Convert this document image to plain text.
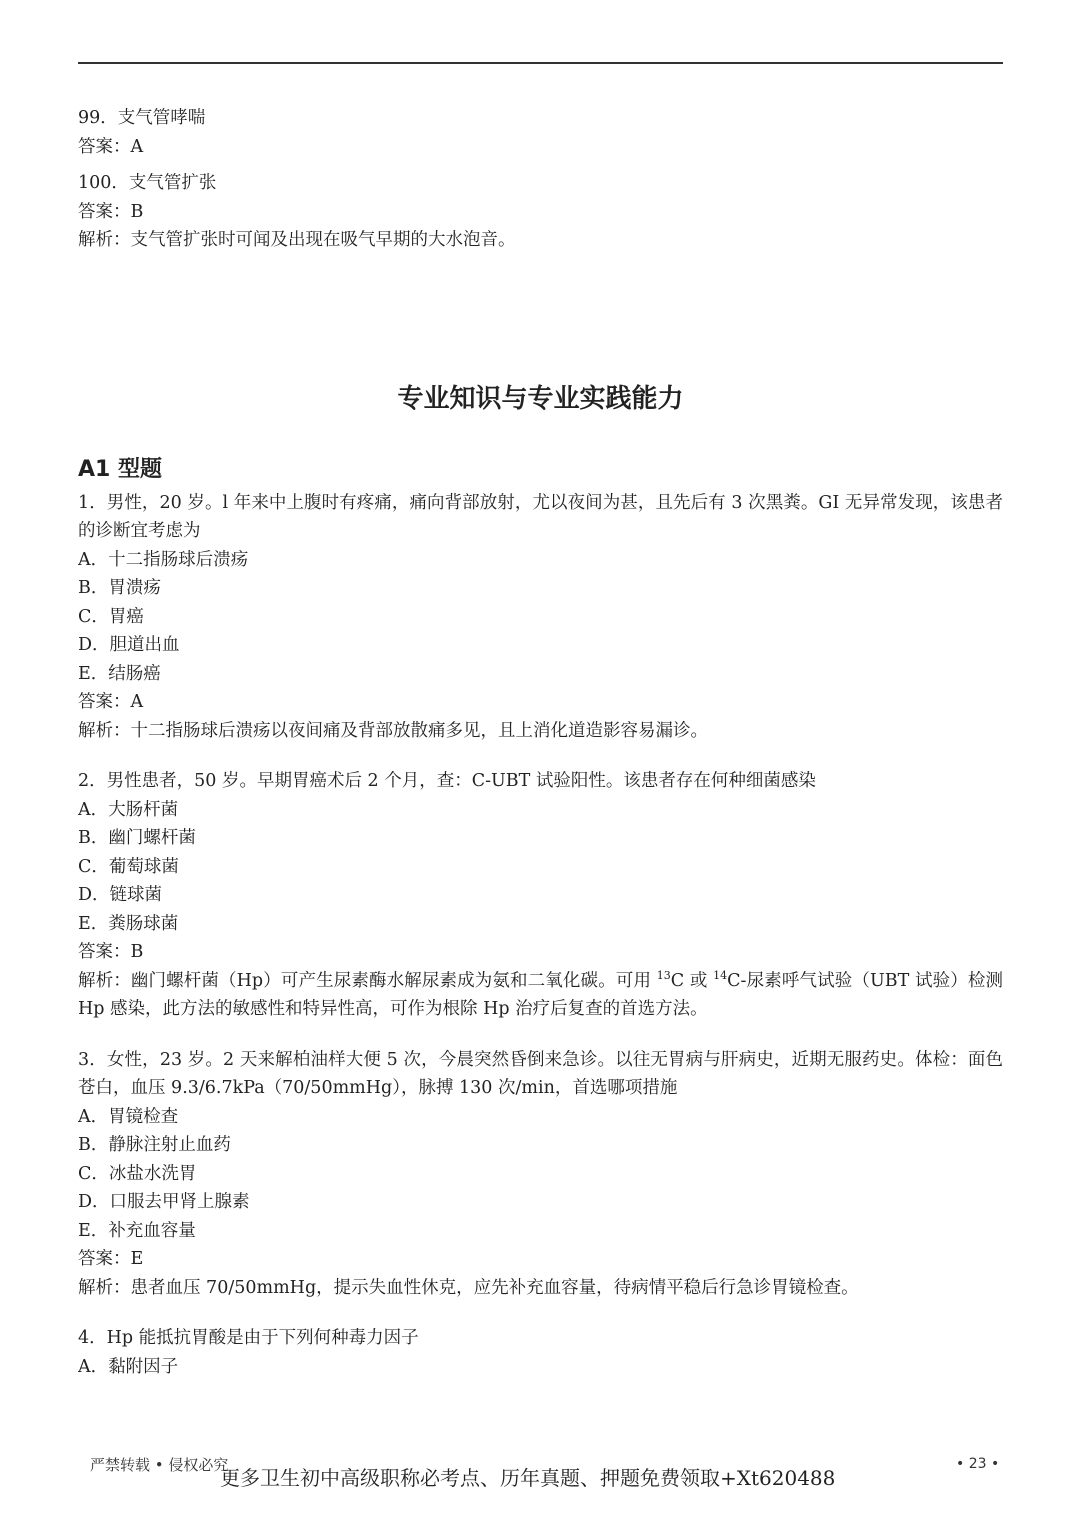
99．支气管哮喘
答案：A
100．支气管扩张
答案：B
解析：支气管扩张时可闻及出现在吸气早期的大水泡音。
专业知识与专业实践能力
A1 型题
1．男性，20 岁。l 年来中上腹时有疼痛，痛向背部放射，尤以夜间为甚，且先后有 3 次黑粪。GI 无异常发现，该患者的诊断宜考虑为
A．十二指肠球后溃疡
B．胃溃疡
C．胃癌
D．胆道出血
E．结肠癌
答案：A
解析：十二指肠球后溃疡以夜间痛及背部放散痛多见，且上消化道造影容易漏诊。
2．男性患者，50 岁。早期胃癌术后 2 个月，查：C-UBT 试验阳性。该患者存在何种细菌感染
A．大肠杆菌
B．幽门螺杆菌
C．葡萄球菌
D．链球菌
E．粪肠球菌
答案：B
解析：幽门螺杆菌（Hp）可产生尿素酶水解尿素成为氨和二氧化碳。可用 $^{13}$C 或 $^{14}$C-尿素呼气试验（UBT 试验）检测 Hp 感染，此方法的敏感性和特异性高，可作为根除 Hp 治疗后复查的首选方法。
3．女性，23 岁。2 天来解柏油样大便 5 次，今晨突然昏倒来急诊。以往无胃病与肝病史，近期无服药史。体检：面色苍白，血压 9.3/6.7kPa（70/50mmHg），脉搏 130 次/min，首选哪项措施
A．胃镜检查
B．静脉注射止血药
C．冰盐水洗胃
D．口服去甲肾上腺素
E．补充血容量
答案：E
解析：患者血压 70/50mmHg，提示失血性休克，应先补充血容量，待病情平稳后行急诊胃镜检查。
4．Hp 能抵抗胃酸是由于下列何种毒力因子
A．黏附因子
严禁转载 • 侵权必究
更多卫生初中高级职称必考点、历年真题、押题免费领取+Xt620488
• 23 •
